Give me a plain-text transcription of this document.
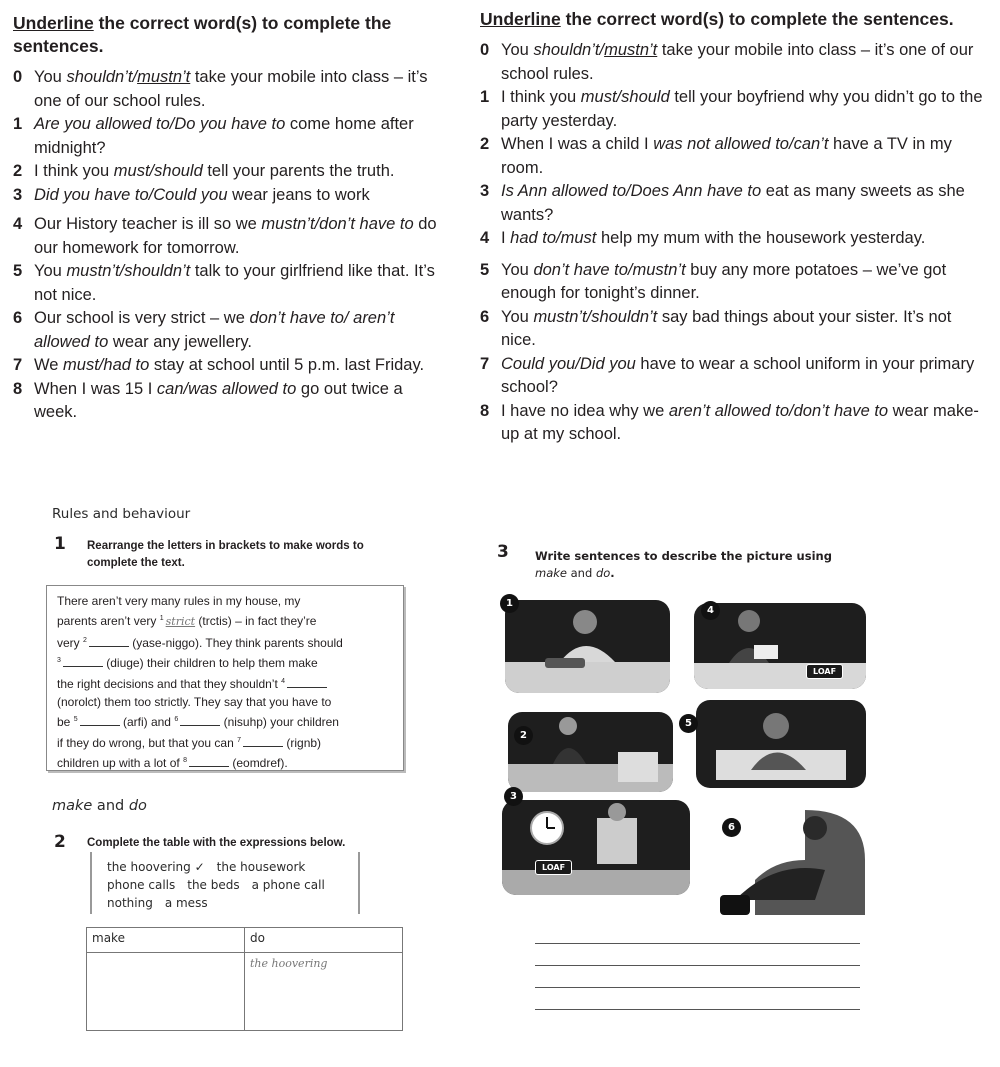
Underline the correct word(s) to complete the sentences.
0 You shouldn’t/mustn’t take your mobile into class – it’s one of our school rules.
1 Are you allowed to/Do you have to come home after midnight?
2 I think you must/should tell your parents the truth.
3 Did you have to/Could you wear jeans to work
4 Our History teacher is ill so we mustn’t/don’t have to do our homework for tomorrow.
5 You mustn’t/shouldn’t talk to your girlfriend like that. It’s not nice.
6 Our school is very strict – we don’t have to/ aren’t allowed to wear any jewellery.
7 We must/had to stay at school until 5 p.m. last Friday.
8 When I was 15 I can/was allowed to go out twice a week.
Underline the correct word(s) to complete the sentences.
0 You shouldn’t/mustn’t take your mobile into class – it’s one of our school rules.
1 I think you must/should tell your boyfriend why you didn’t go to the party yesterday.
2 When I was a child I was not allowed to/can’t have a TV in my room.
3 Is Ann allowed to/Does Ann have to eat as many sweets as she wants?
4 I had to/must help my mum with the housework yesterday.
5 You don’t have to/mustn’t buy any more potatoes – we’ve got enough for tonight’s dinner.
6 You mustn’t/shouldn’t say bad things about your sister. It’s not nice.
7 Could you/Did you have to wear a school uniform in your primary school?
8 I have no idea why we aren’t allowed to/don’t have to wear make-up at my school.
Rules and behaviour
1 Rearrange the letters in brackets to make words to complete the text.
There aren’t very many rules in my house, my
parents aren’t very $^1$ strict (trctis) – in fact they’re
very $^2$	(yase-niggo). They think parents should
$^3$	(diuge) their children to help them make
the right decisions and that they shouldn’t $^4$
(norolct) them too strictly. They say that you have to
be $^5$	(arfi) and $^6$	(nisuhp) your children
if they do wrong, but that you can $^7$	(rignb)
children up with a lot of $^8$	(eomdref).
make and do
2 Complete the table with the expressions below.
the hoovering ✓ the housework
phone calls the beds a phone call
nothing a mess
make	do
	the hoovering
3 Write sentences to describe the picture using
make and do.
1
4
LOAF
2
5
3
LOAF
6
